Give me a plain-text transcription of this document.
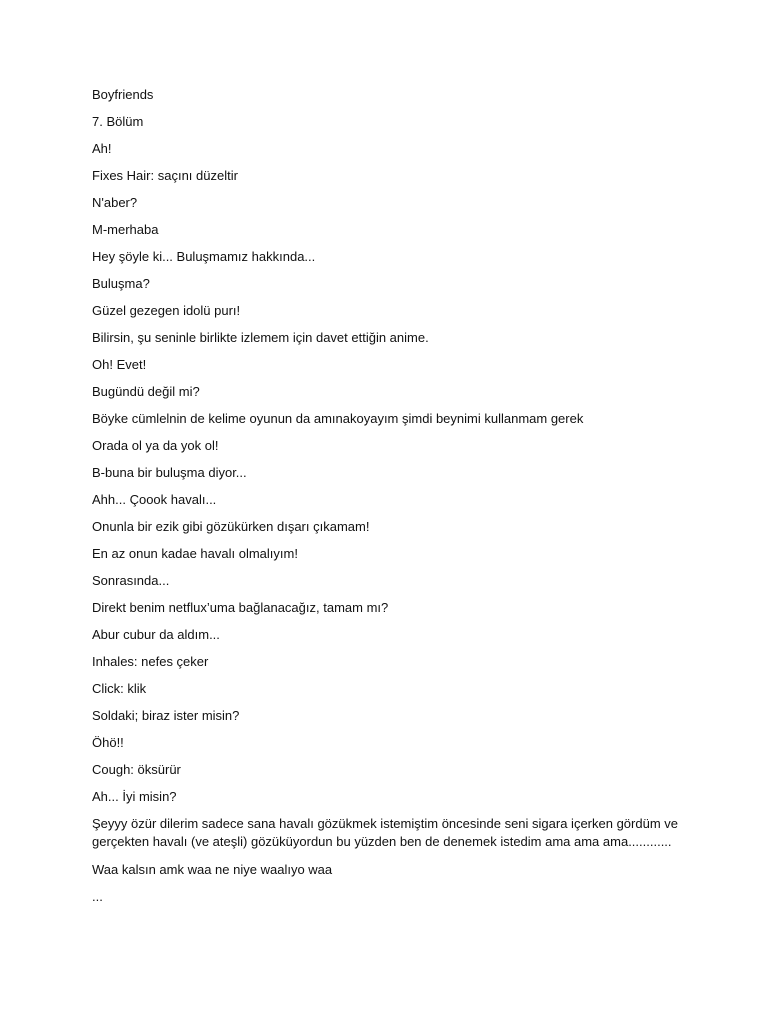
Boyfriends

7. Bölüm

Ah!

Fixes Hair: saçını düzeltir

N'aber?

M-merhaba

Hey şöyle ki... Buluşmamız hakkında...

Buluşma?

Güzel gezegen idolü purı!

Bilirsin, şu seninle birlikte izlemem için davet ettiğin anime.

Oh! Evet!

Bugündü değil mi?

Böyke cümlelnin de kelime oyunun da amınakoyayım şimdi beynimi kullanmam gerek

Orada ol ya da yok ol!

B-buna bir buluşma diyor...

Ahh... Çoook havalı...

Onunla bir ezik gibi gözükürken dışarı çıkamam!

En az onun kadae havalı olmalıyım!

Sonrasında...

Direkt benim netflux’uma bağlanacağız, tamam mı?

Abur cubur da aldım...

Inhales: nefes çeker

Click: klik

Soldaki; biraz ister misin?

Öhö!!

Cough: öksürür

Ah... İyi misin?

Şeyyy özür dilerim sadece sana havalı gözükmek istemiştim öncesinde seni sigara içerken gördüm ve gerçekten havalı (ve ateşli) gözüküyordun bu yüzden ben de denemek istedim ama ama ama............

Waa kalsın amk waa ne niye waalıyo waa

...
